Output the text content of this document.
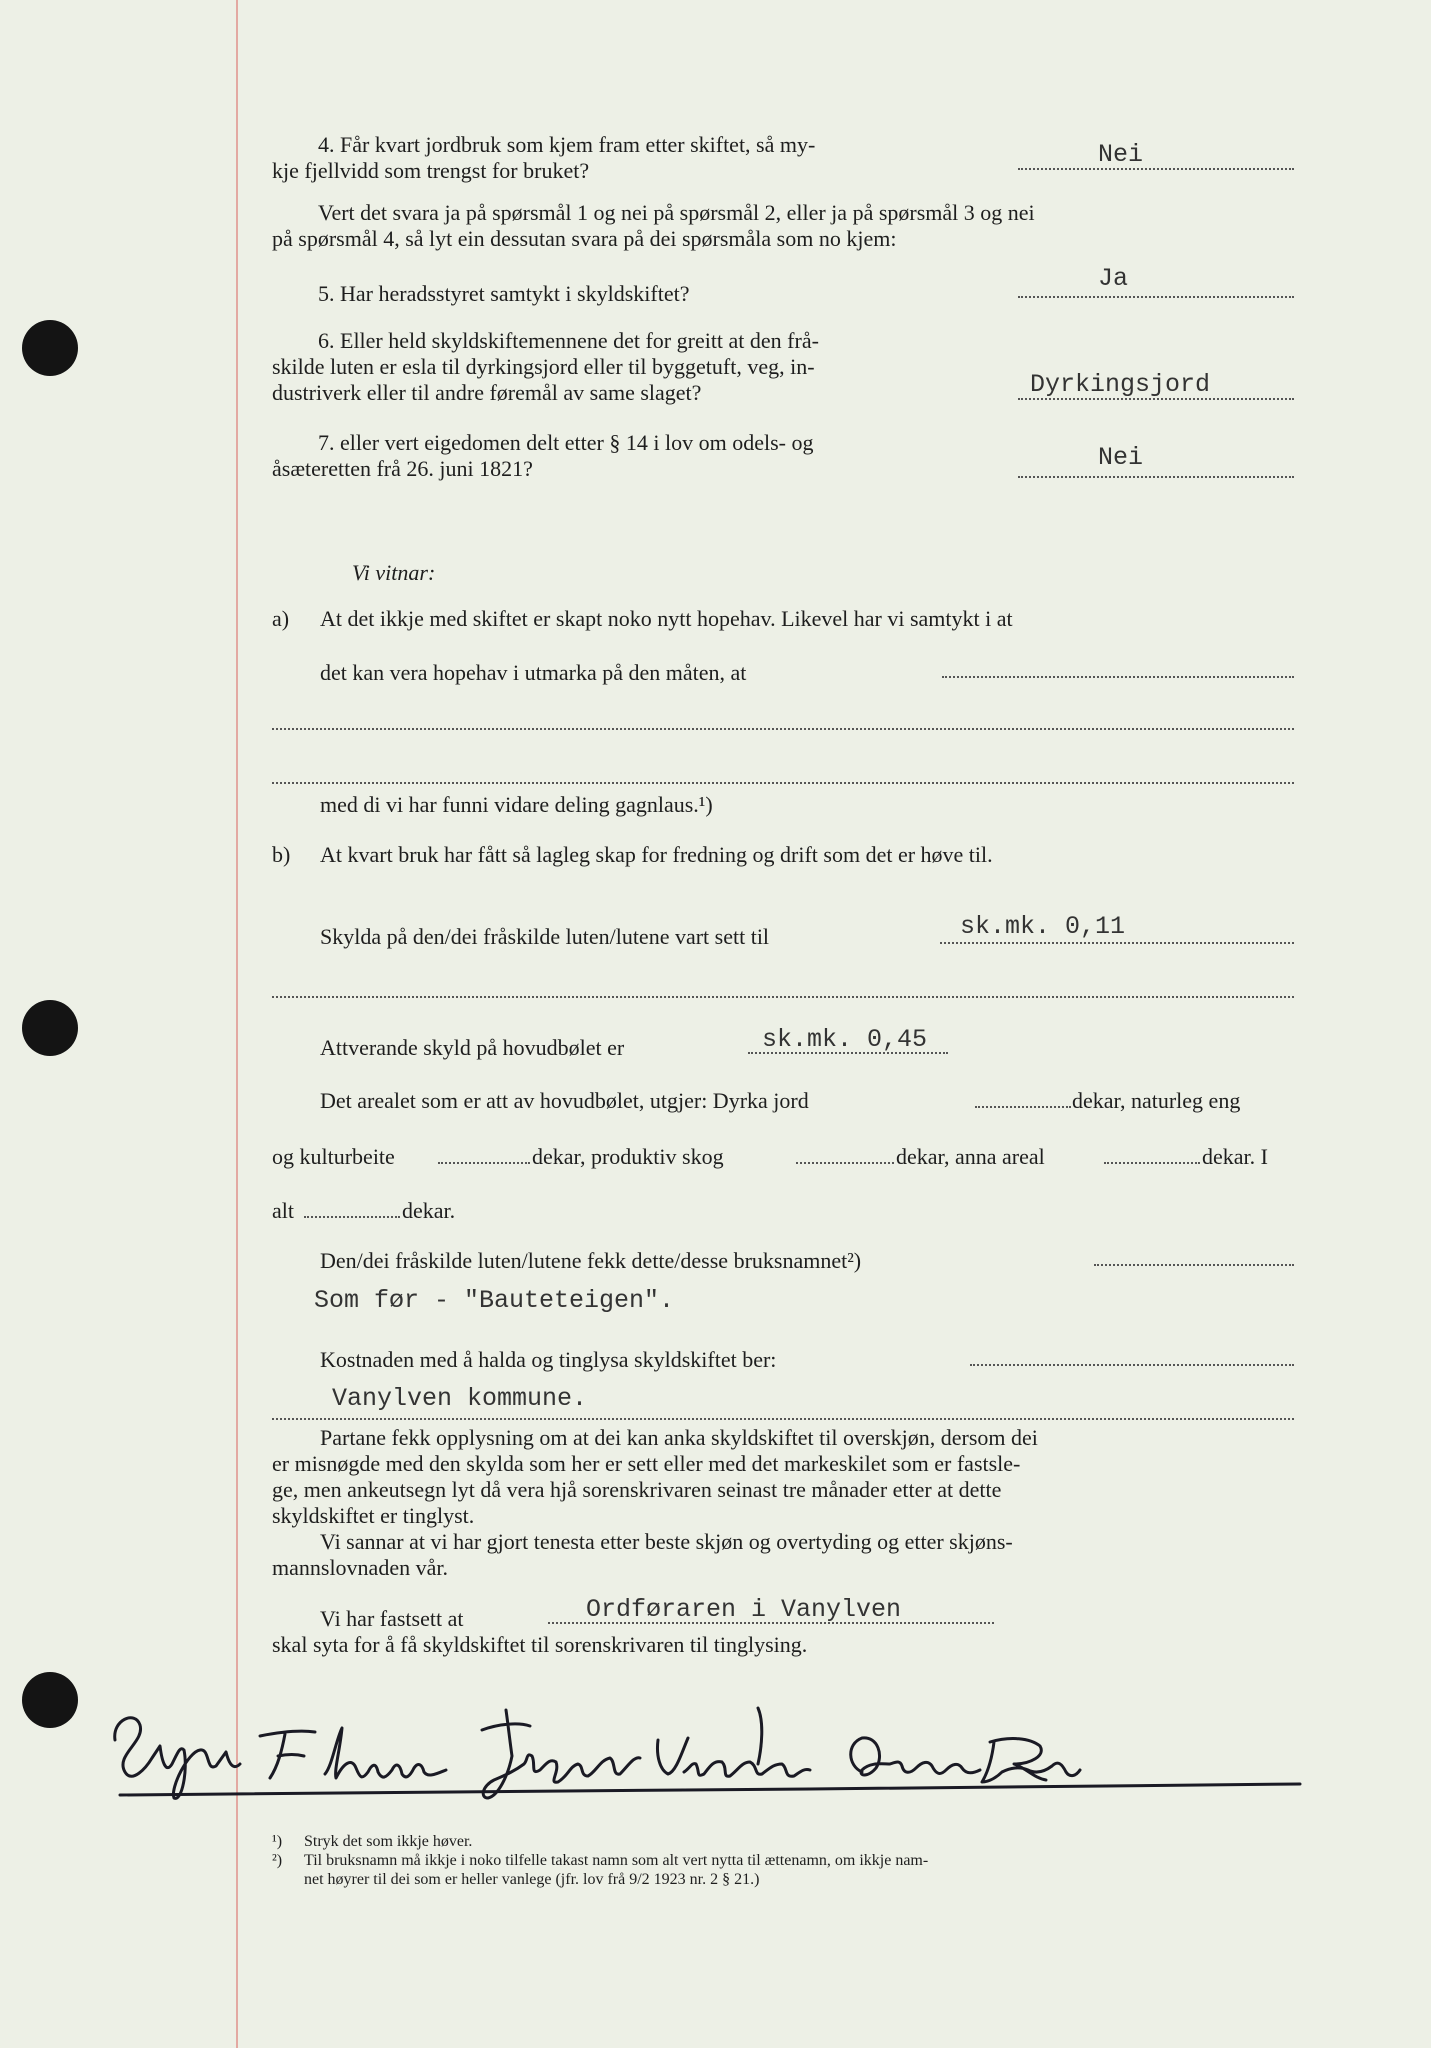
4. Får kvart jordbruk som kjem fram etter skiftet, så my-
kje fjellvidd som trengst for bruket?
Nei
Vert det svara ja på spørsmål 1 og nei på spørsmål 2, eller ja på spørsmål 3 og nei
på spørsmål 4, så lyt ein dessutan svara på dei spørsmåla som no kjem:
5. Har heradsstyret samtykt i skyldskiftet?
Ja
6. Eller held skyldskiftemennene det for greitt at den frå-
skilde luten er esla til dyrkingsjord eller til byggetuft, veg, in-
dustriverk eller til andre føremål av same slaget?	Dyrkingsjord
7. eller vert eigedomen delt etter § 14 i lov om odels- og
åsæteretten frå 26. juni 1821?	Nei
Vi vitnar:
a) At det ikkje med skiftet er skapt noko nytt hopehav. Likevel har vi samtykt i at
det kan vera hopehav i utmarka på den måten, at
med di vi har funni vidare deling gagnlaus.¹)
b) At kvart bruk har fått så lagleg skap for fredning og drift som det er høve til.
Skylda på den/dei fråskilde luten/lutene vart sett til	sk.mk. 0,11
Attverande skyld på hovudbølet er	sk.mk. 0,45
Det arealet som er att av hovudbølet, utgjer: Dyrka jord	dekar, naturleg eng
og kulturbeite	dekar, produktiv skog	dekar, anna areal	dekar. I
alt	dekar.
Den/dei fråskilde luten/lutene fekk dette/desse bruksnamnet²)
Som før - "Bauteteigen".
Kostnaden med å halda og tinglysa skyldskiftet ber:
Vanylven kommune.
Partane fekk opplysning om at dei kan anka skyldskiftet til overskjøn, dersom dei
er misnøgde med den skylda som her er sett eller med det markeskilet som er fastsle-
ge, men ankeutsegn lyt då vera hjå sorenskrivaren seinast tre månader etter at dette
skyldskiftet er tinglyst.
Vi sannar at vi har gjort tenesta etter beste skjøn og overtyding og etter skjøns-
mannslovnaden vår.
Vi har fastsett at	Ordføraren i Vanylven
skal syta for å få skyldskiftet til sorenskrivaren til tinglysing.
¹) Stryk det som ikkje høver.
²) Til bruksnamn må ikkje i noko tilfelle takast namn som alt vert nytta til ættenamn, om ikkje nam-
net høyrer til dei som er heller vanlege (jfr. lov frå 9/2 1923 nr. 2 § 21.)
